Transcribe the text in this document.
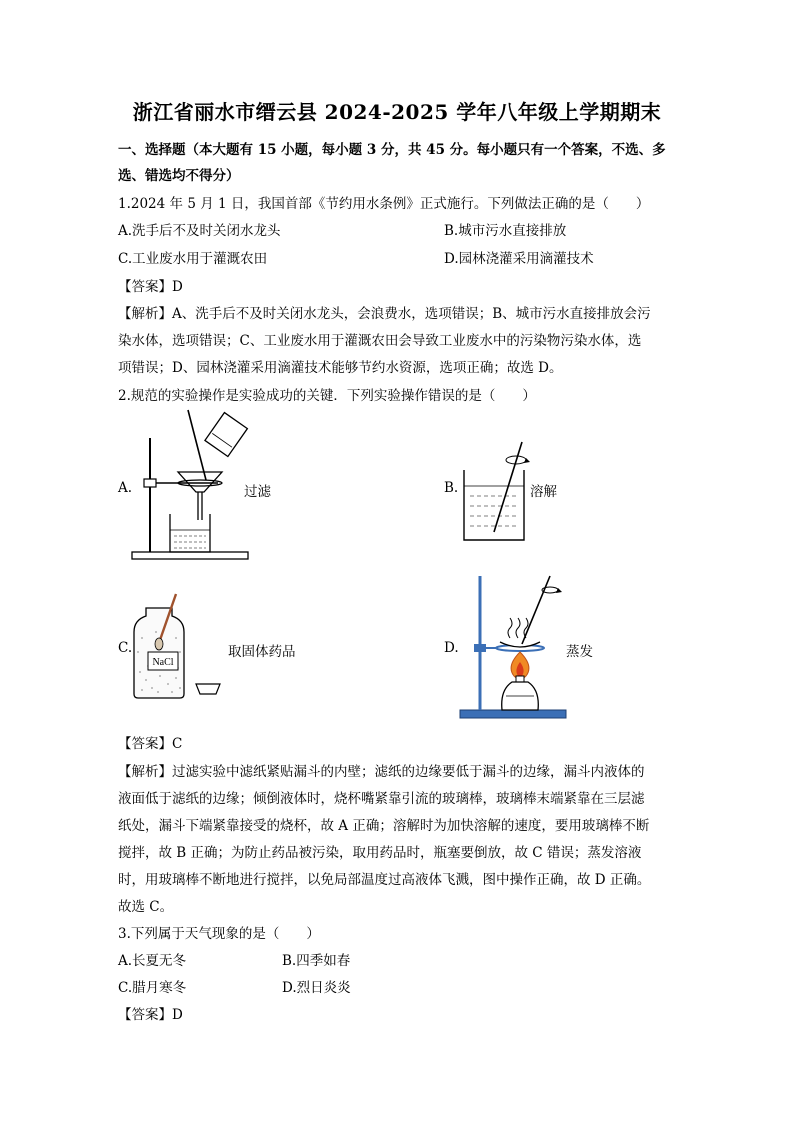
浙江省丽水市缙云县 2024-2025 学年八年级上学期期末
一、选择题（本大题有 15 小题，每小题 3 分，共 45 分。每小题只有一个答案，不选、多
选、错选均不得分）
1.2024 年 5 月 1 日，我国首部《节约用水条例》正式施行。下列做法正确的是（　　）
A.洗手后不及时关闭水龙头	B.城市污水直接排放
C.工业废水用于灌溉农田	D.园林浇灌采用滴灌技术
【答案】D
【解析】A、洗手后不及时关闭水龙头，会浪费水，选项错误；B、城市污水直接排放会污
染水体，选项错误；C、工业废水用于灌溉农田会导致工业废水中的污染物污染水体，选
项错误；D、园林浇灌采用滴灌技术能够节约水资源，选项正确；故选 D。
2.规范的实验操作是实验成功的关键．下列实验操作错误的是（　　）
A.	过滤	B.	溶解
C.
NaCl
取固体药品	D.	蒸发
【答案】C
【解析】过滤实验中滤纸紧贴漏斗的内壁；滤纸的边缘要低于漏斗的边缘，漏斗内液体的
液面低于滤纸的边缘；倾倒液体时，烧杯嘴紧靠引流的玻璃棒，玻璃棒末端紧靠在三层滤
纸处，漏斗下端紧靠接受的烧杯，故 A 正确；溶解时为加快溶解的速度，要用玻璃棒不断
搅拌，故 B 正确；为防止药品被污染，取用药品时，瓶塞要倒放，故 C 错误；蒸发溶液
时，用玻璃棒不断地进行搅拌，以免局部温度过高液体飞溅，图中操作正确，故 D 正确。
故选 C。
3.下列属于天气现象的是（　　）
A.长夏无冬	B.四季如春
C.腊月寒冬	D.烈日炎炎
【答案】D
